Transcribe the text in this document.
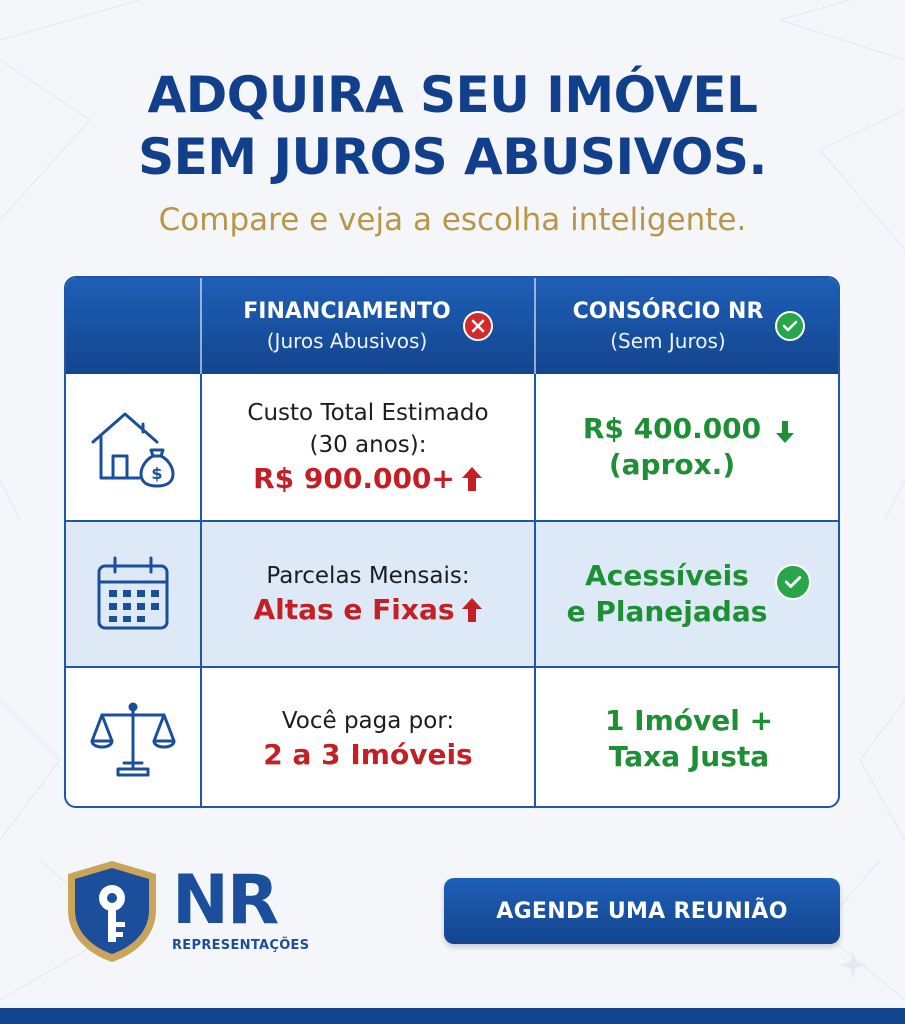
ADQUIRA SEU IMÓVEL
SEM JUROS ABUSIVOS.
Compare e veja a escolha inteligente.
FINANCIAMENTO
(Juros Abusivos)
CONSÓRCIO NR
(Sem Juros)
$
Custo Total Estimado
(30 anos):
R$ 900.000+
R$ 400.000
(aprox.)
Parcelas Mensais:
Altas e Fixas
Acessíveis
e Planejadas
Você paga por:
2 a 3 Imóveis
1 Imóvel +
Taxa Justa
NR
REPRESENTAÇÕES
AGENDE UMA REUNIÃO
